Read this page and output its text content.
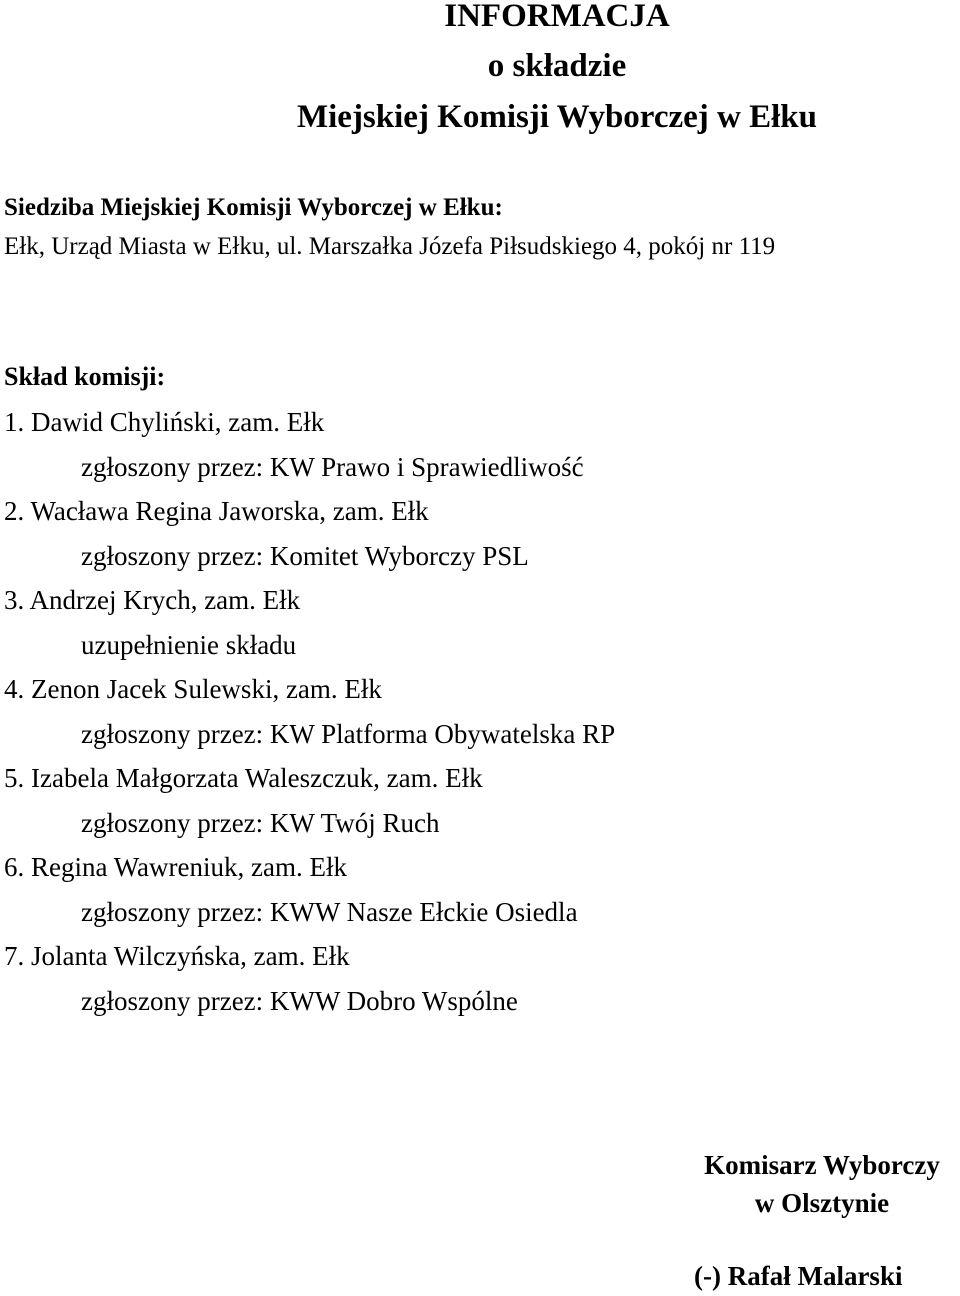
INFORMACJA
o składzie
Miejskiej Komisji Wyborczej w Ełku
Siedziba Miejskiej Komisji Wyborczej w Ełku:
Ełk, Urząd Miasta w Ełku, ul. Marszałka Józefa Piłsudskiego 4, pokój nr 119
Skład komisji:
1. Dawid Chyliński, zam. Ełk
zgłoszony przez: KW Prawo i Sprawiedliwość
2. Wacława Regina Jaworska, zam. Ełk
zgłoszony przez: Komitet Wyborczy PSL
3. Andrzej Krych, zam. Ełk
uzupełnienie składu
4. Zenon Jacek Sulewski, zam. Ełk
zgłoszony przez: KW Platforma Obywatelska RP
5. Izabela Małgorzata Waleszczuk, zam. Ełk
zgłoszony przez: KW Twój Ruch
6. Regina Wawreniuk, zam. Ełk
zgłoszony przez: KWW Nasze Ełckie Osiedla
7. Jolanta Wilczyńska, zam. Ełk
zgłoszony przez: KWW Dobro Wspólne
Komisarz Wyborczy
w Olsztynie
(-) Rafał Malarski
